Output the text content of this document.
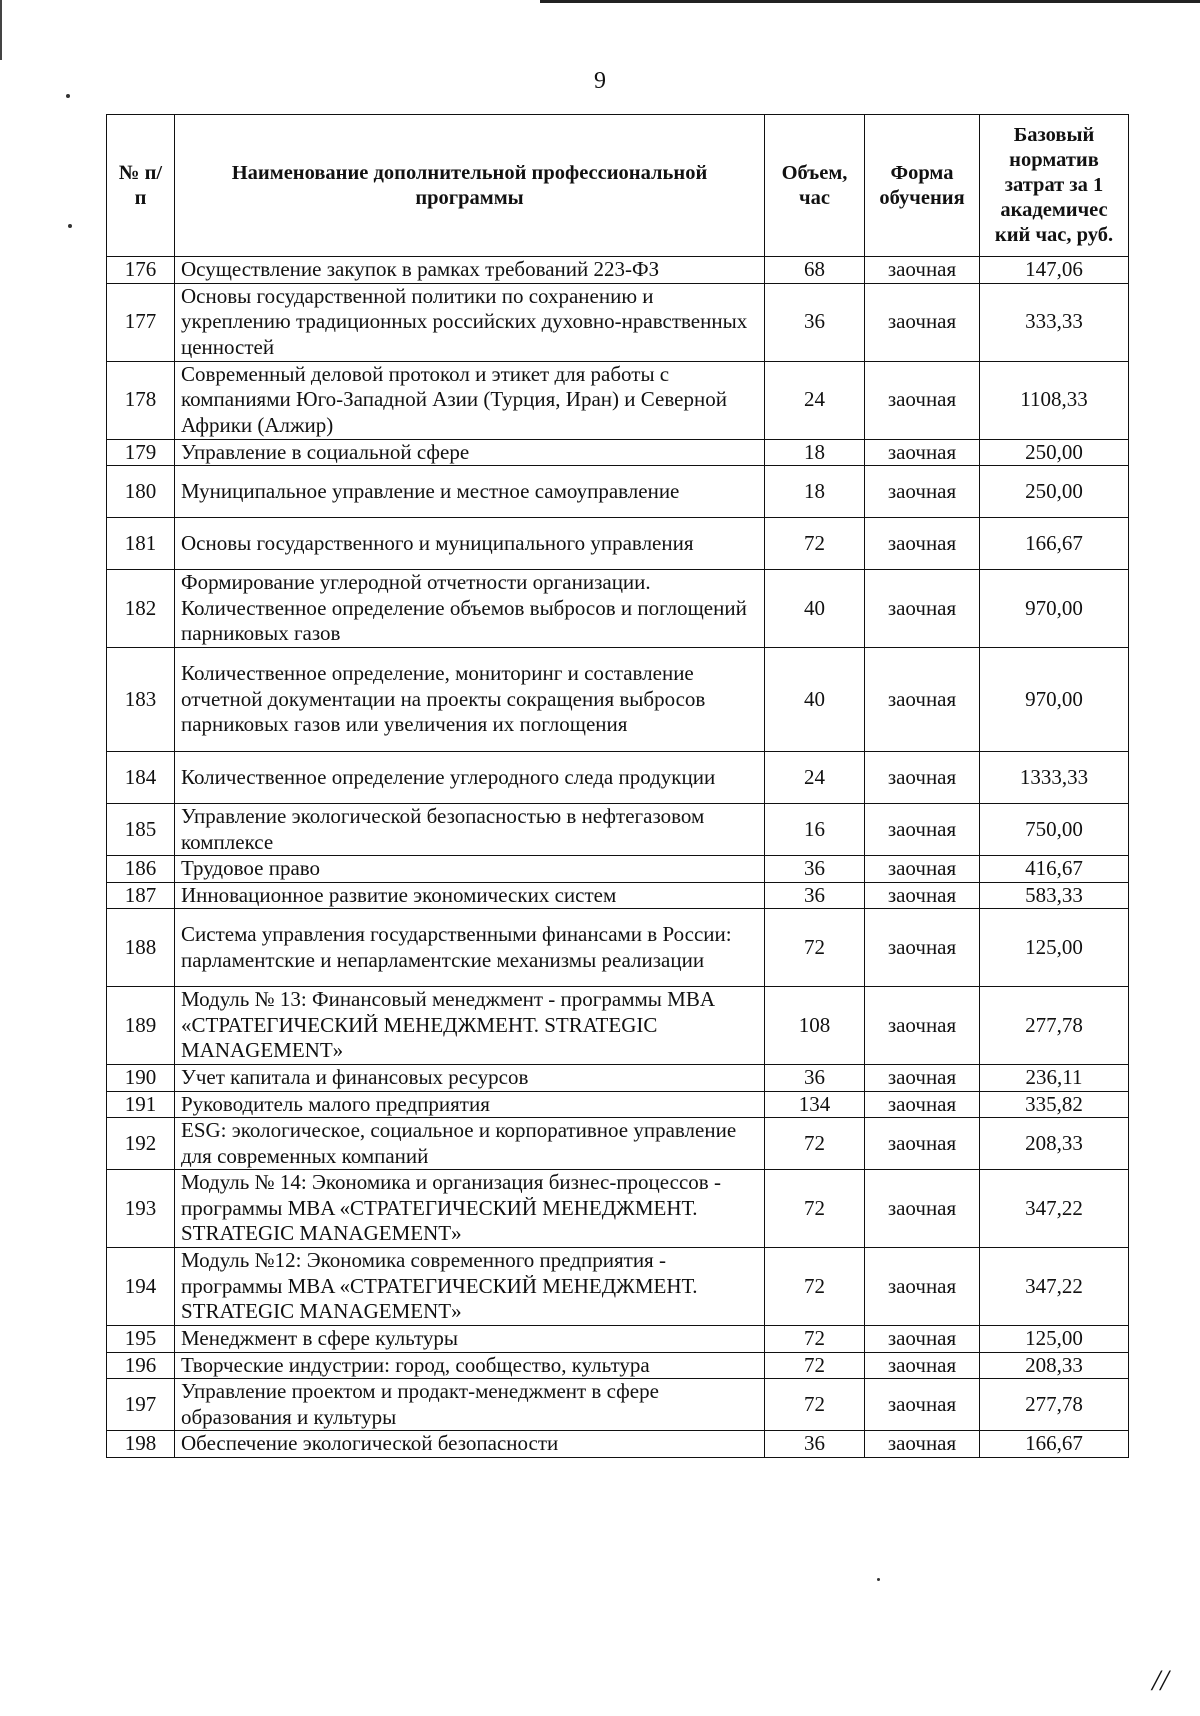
9
№ п/п	Наименование дополнительной профессиональной программы	Объем, час	Форма обучения	Базовый норматив затрат за 1 академичес кий час, руб.
176	Осуществление закупок в рамках требований 223-ФЗ	68	заочная	147,06
177	Основы государственной политики по сохранению и укреплению традиционных российских духовно-нравственных ценностей	36	заочная	333,33
178	Современный деловой протокол и этикет для работы с компаниями Юго-Западной Азии (Турция, Иран) и Северной Африки (Алжир)	24	заочная	1108,33
179	Управление в социальной сфере	18	заочная	250,00
180	Муниципальное управление и местное самоуправление	18	заочная	250,00
181	Основы государственного и муниципального управления	72	заочная	166,67
182	Формирование углеродной отчетности организации. Количественное определение объемов выбросов и поглощений парниковых газов	40	заочная	970,00
183	Количественное определение, мониторинг и составление отчетной документации на проекты сокращения выбросов парниковых газов или увеличения их поглощения	40	заочная	970,00
184	Количественное определение углеродного следа продукции	24	заочная	1333,33
185	Управление экологической безопасностью в нефтегазовом комплексе	16	заочная	750,00
186	Трудовое право	36	заочная	416,67
187	Инновационное развитие экономических систем	36	заочная	583,33
188	Система управления государственными финансами в России: парламентские и непарламентские механизмы реализации	72	заочная	125,00
189	Модуль № 13: Финансовый менеджмент - программы MBA «СТРАТЕГИЧЕСКИЙ МЕНЕДЖМЕНТ. STRATEGIC MANAGEMENT»	108	заочная	277,78
190	Учет капитала и финансовых ресурсов	36	заочная	236,11
191	Руководитель малого предприятия	134	заочная	335,82
192	ESG: экологическое, социальное и корпоративное управление для современных компаний	72	заочная	208,33
193	Модуль № 14: Экономика и организация бизнес-процессов - программы MBA «СТРАТЕГИЧЕСКИЙ МЕНЕДЖМЕНТ. STRATEGIC MANAGEMENT»	72	заочная	347,22
194	Модуль №12: Экономика современного предприятия - программы MBA «СТРАТЕГИЧЕСКИЙ МЕНЕДЖМЕНТ. STRATEGIC MANAGEMENT»	72	заочная	347,22
195	Менеджмент в сфере культуры	72	заочная	125,00
196	Творческие индустрии: город, сообщество, культура	72	заочная	208,33
197	Управление проектом и продакт-менеджмент в сфере образования и культуры	72	заочная	277,78
198	Обеспечение экологической безопасности	36	заочная	166,67
//
